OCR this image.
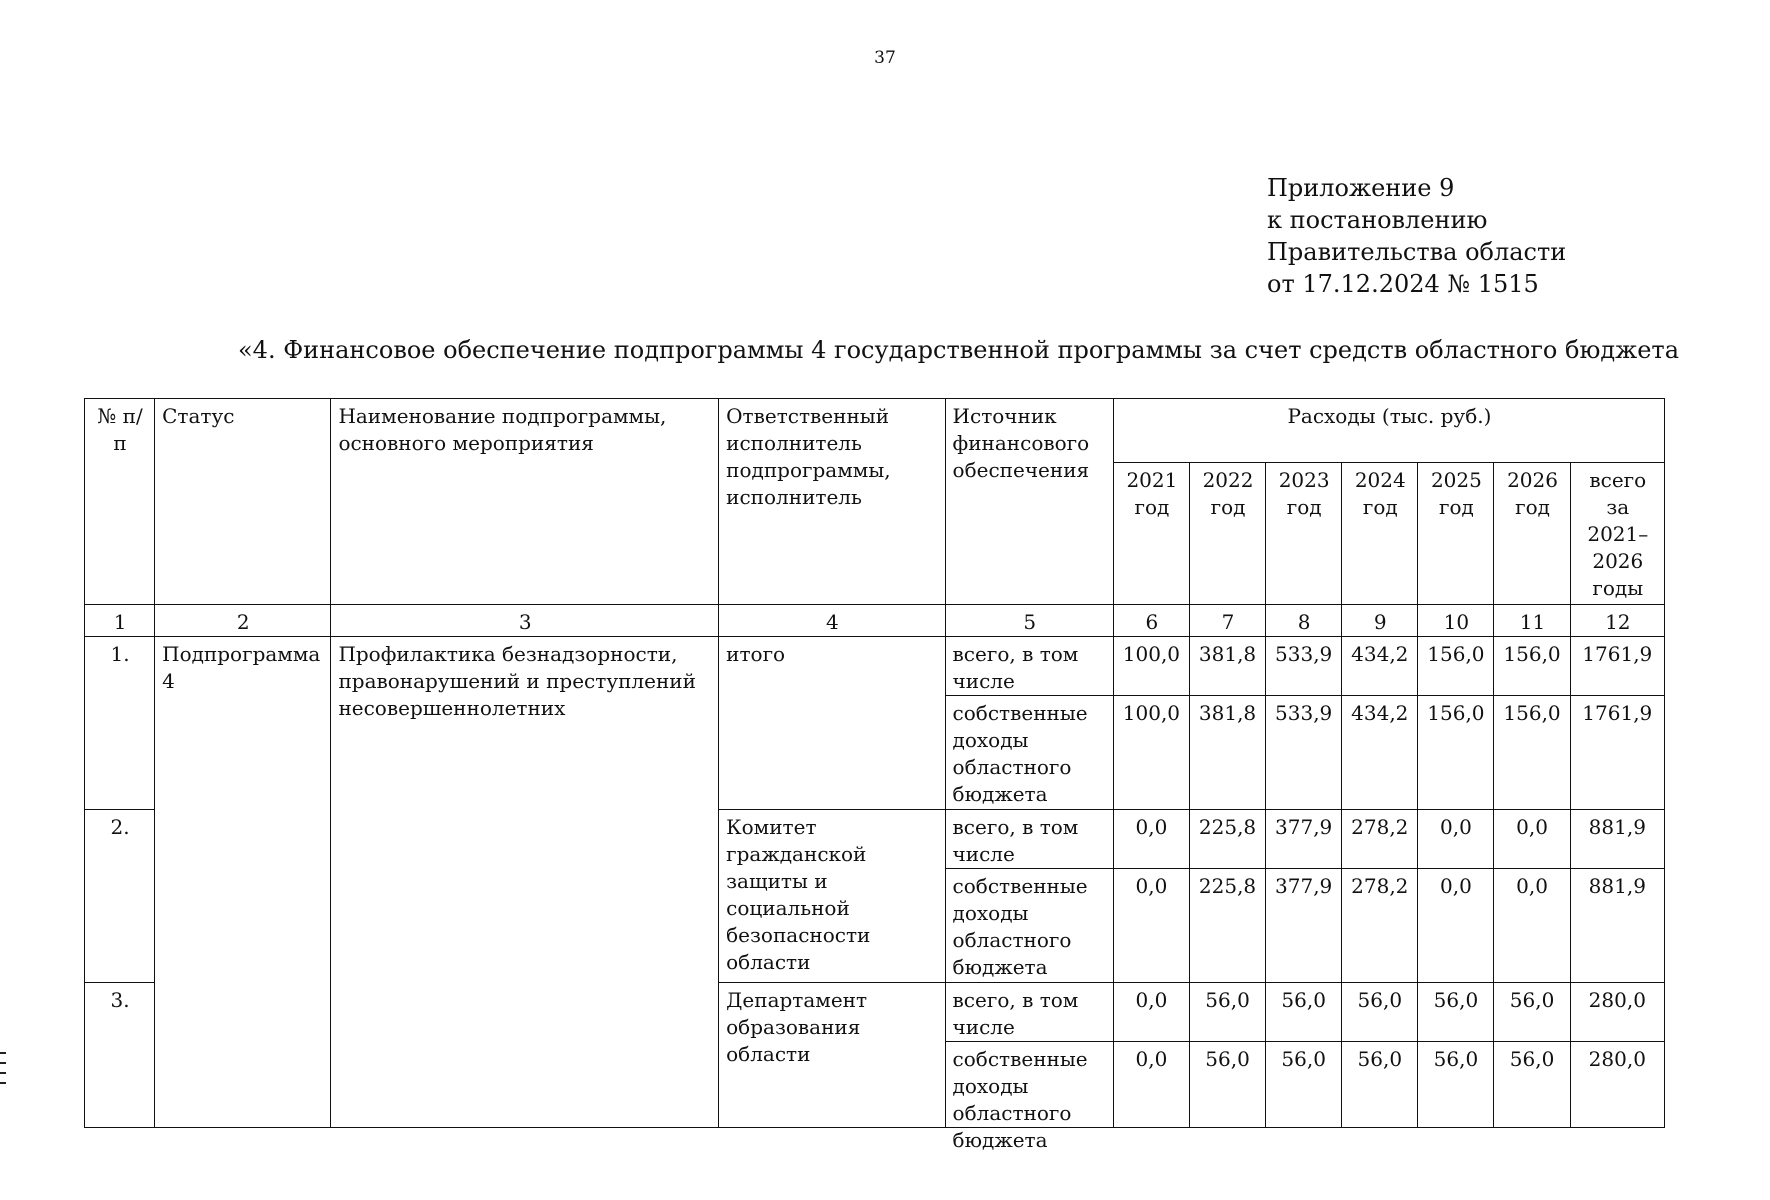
37
Приложение 9
к постановлению
Правительства области
от 17.12.2024 № 1515
«4. Финансовое обеспечение подпрограммы 4 государственной программы за счет средств областного бюджета
№ п/п	Статус	Наименование подпрограммы, основного мероприятия	Ответственный исполнитель подпрограммы, исполнитель	Источник финансового обеспечения	Расходы (тыс. руб.)						
					2021 год	2022 год	2023 год	2024 год	2025 год	2026 год	всего за 2021– 2026 годы
1	2	3	4	5	6	7	8	9	10	11	12
1.	Подпрограмма 4	Профилактика безнадзорности, правонарушений и преступлений несовершеннолетних	итого	всего, в том числе	100,0	381,8	533,9	434,2	156,0	156,0	1761,9
				собственные доходы областного бюджета	100,0	381,8	533,9	434,2	156,0	156,0	1761,9
2.			Комитет гражданской защиты и социальной безопасности области	всего, в том числе	0,0	225,8	377,9	278,2	0,0	0,0	881,9
				собственные доходы областного бюджета	0,0	225,8	377,9	278,2	0,0	0,0	881,9
3.			Департамент образования области	всего, в том числе	0,0	56,0	56,0	56,0	56,0	56,0	280,0

				собственные доходы областного бюджета	0,0	56,0	56,0	56,0	56,0	56,0	280,0
